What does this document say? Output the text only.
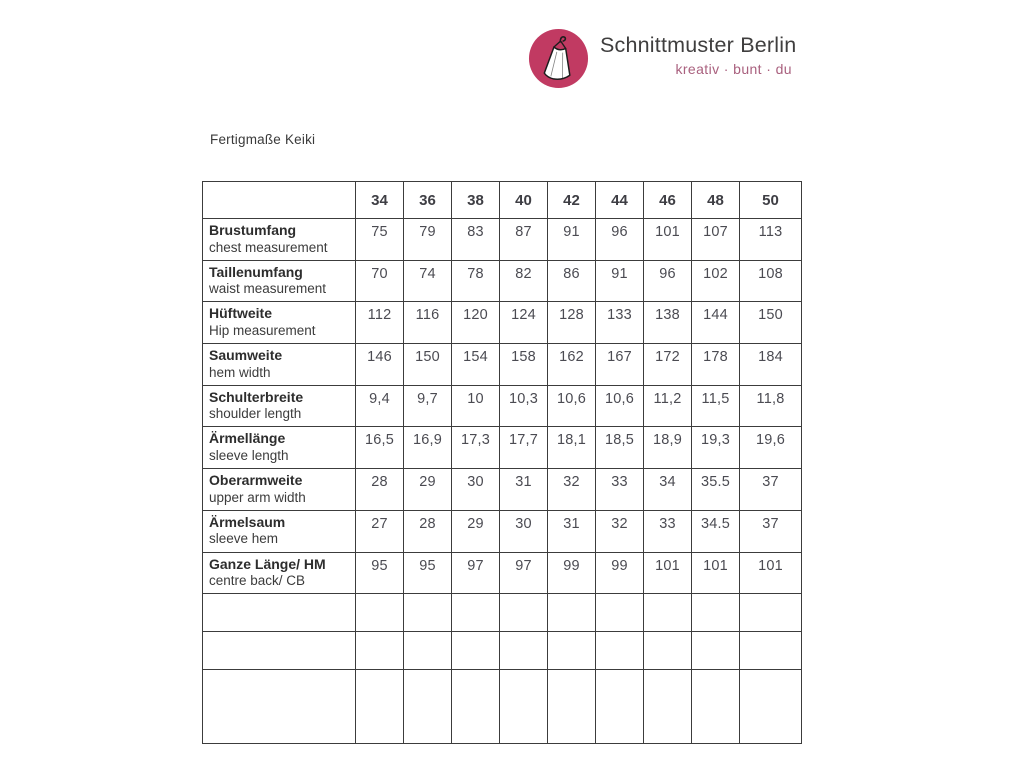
Schnittmuster Berlin
kreativ · bunt · du
Fertigmaße Keiki
	34	36	38	40	42	44	46	48	50

Brustumfang
chest measurement	75	79	83	87	91	96	101	107	113

Taillenumfang
waist measurement	70	74	78	82	86	91	96	102	108

Hüftweite
Hip measurement	112	116	120	124	128	133	138	144	150

Saumweite
hem width	146	150	154	158	162	167	172	178	184

Schulterbreite
shoulder length	9,4	9,7	10	10,3	10,6	10,6	11,2	11,5	11,8

Ärmellänge
sleeve length	16,5	16,9	17,3	17,7	18,1	18,5	18,9	19,3	19,6

Oberarmweite
upper arm width	28	29	30	31	32	33	34	35.5	37

Ärmelsaum
sleeve hem	27	28	29	30	31	32	33	34.5	37

Ganze Länge/ HM
centre back/ CB	95	95	97	97	99	99	101	101	101
